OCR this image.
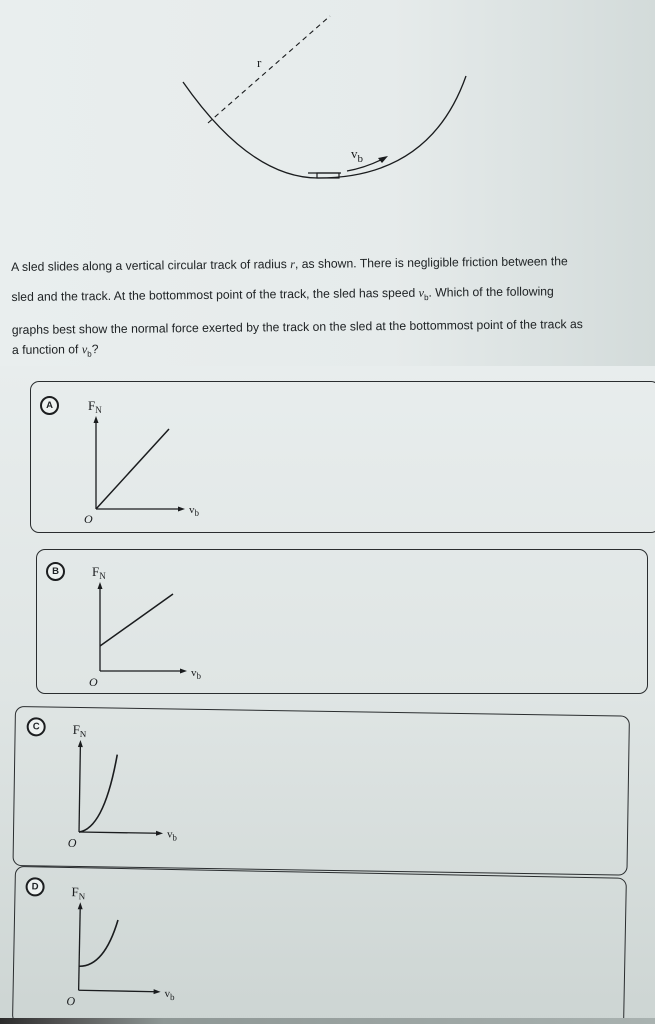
r
$v_b$
A sled slides along a vertical circular track of radius r, as shown. There is negligible friction between the
sled and the track. At the bottommost point of the track, the sled has speed $v_b$. Which of the following
graphs best show the normal force exerted by the track on the sled at the bottommost point of the track as
a function of $v_b$?
A	$F_N$
$v_b$
O
B	$F_N$
$v_b$
O
C	$F_N$
$v_b$
O
D	$F_N$
$v_b$
O
